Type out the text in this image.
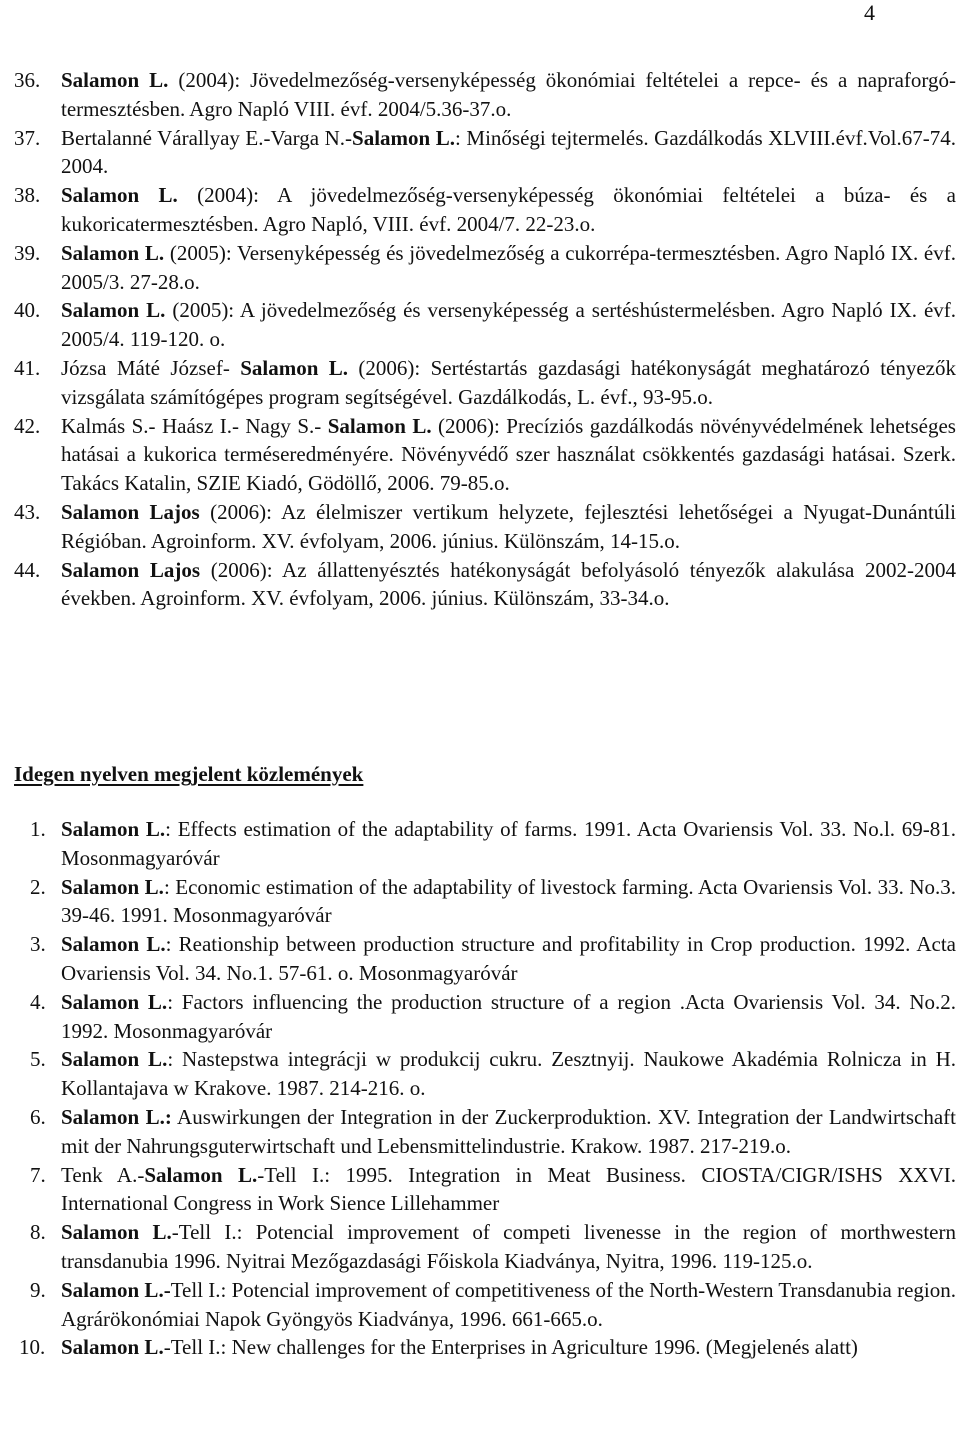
4
36. Salamon L. (2004): Jövedelmezőség-versenyképesség ökonómiai feltételei a repce- és a napraforgó-termesztésben. Agro Napló VIII. évf. 2004/5.36-37.o.
37. Bertalanné Várallyay E.-Varga N.-Salamon L.: Minőségi tejtermelés. Gazdálkodás XLVIII.évf.Vol.67-74. 2004.
38. Salamon L. (2004): A jövedelmezőség-versenyképesség ökonómiai feltételei a búza- és a kukoricatermesztésben. Agro Napló, VIII. évf. 2004/7. 22-23.o.
39. Salamon L. (2005): Versenyképesség és jövedelmezőség a cukorrépa-termesztésben. Agro Napló IX. évf. 2005/3. 27-28.o.
40. Salamon L. (2005): A jövedelmezőség és versenyképesség a sertéshústermelésben. Agro Napló IX. évf. 2005/4. 119-120. o.
41. Józsa Máté József- Salamon L. (2006): Sertéstartás gazdasági hatékonyságát meghatározó tényezők vizsgálata számítógépes program segítségével. Gazdálkodás, L. évf., 93-95.o.
42. Kalmás S.- Haász I.- Nagy S.- Salamon L. (2006): Precíziós gazdálkodás növényvédelmének lehetséges hatásai a kukorica terméseredményére. Növényvédő szer használat csökkentés gazdasági hatásai. Szerk. Takács Katalin, SZIE Kiadó, Gödöllő, 2006. 79-85.o.
43. Salamon Lajos (2006): Az élelmiszer vertikum helyzete, fejlesztési lehetőségei a Nyugat-Dunántúli Régióban. Agroinform. XV. évfolyam, 2006. június. Különszám, 14-15.o.
44. Salamon Lajos (2006): Az állattenyésztés hatékonyságát befolyásoló tényezők alakulása 2002-2004 években. Agroinform. XV. évfolyam, 2006. június. Különszám, 33-34.o.
Idegen nyelven megjelent közlemények
1. Salamon L.: Effects estimation of the adaptability of farms. 1991. Acta Ovariensis Vol. 33. No.l. 69-81. Mosonmagyaróvár
2. Salamon L.: Economic estimation of the adaptability of livestock farming. Acta Ovariensis Vol. 33. No.3. 39-46. 1991. Mosonmagyaróvár
3. Salamon L.: Reationship between production structure and profitability in Crop production. 1992. Acta Ovariensis Vol. 34. No.1. 57-61. o. Mosonmagyaróvár
4. Salamon L.: Factors influencing the production structure of a region .Acta Ovariensis Vol. 34. No.2. 1992. Mosonmagyaróvár
5. Salamon L.: Nastepstwa integrácji w produkcij cukru. Zesztnyij. Naukowe Akadémia Rolnicza in H. Kollantajava w Krakove. 1987. 214-216. o.
6. Salamon L.: Auswirkungen der Integration in der Zuckerproduktion. XV. Integration der Landwirtschaft mit der Nahrungsguterwirtschaft und Lebensmittelindustrie. Krakow. 1987. 217-219.o.
7. Tenk A.-Salamon L.-Tell I.: 1995. Integration in Meat Business. CIOSTA/CIGR/ISHS XXVI. International Congress in Work Sience Lillehammer
8. Salamon L.-Tell I.: Potencial improvement of competi livenesse in the region of morthwestern transdanubia 1996. Nyitrai Mezőgazdasági Főiskola Kiadványa, Nyitra, 1996. 119-125.o.
9. Salamon L.-Tell I.: Potencial improvement of competitiveness of the North-Western Transdanubia region. Agrárökonómiai Napok Gyöngyös Kiadványa, 1996. 661-665.o.
10. Salamon L.-Tell I.: New challenges for the Enterprises in Agriculture 1996. (Megjelenés alatt)
